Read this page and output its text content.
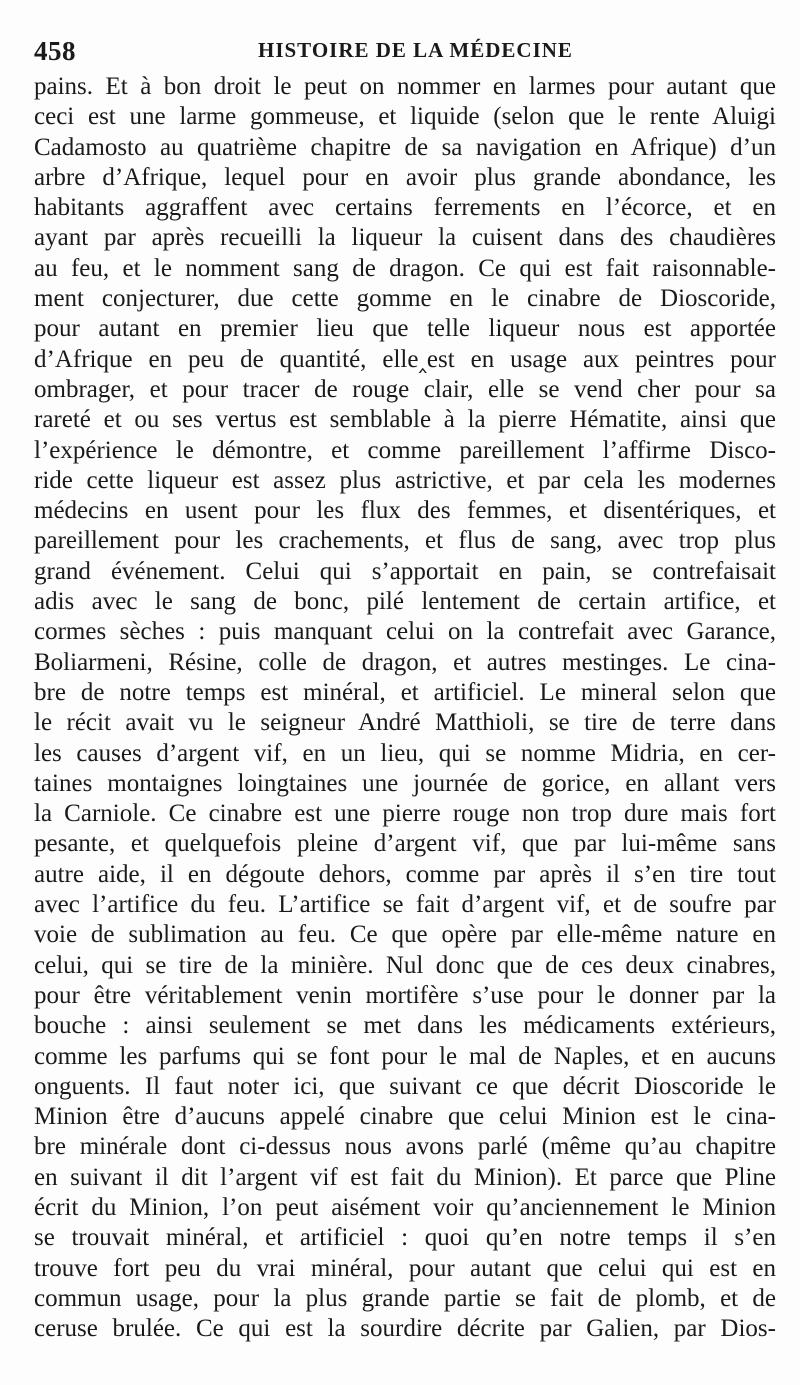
458	HISTOIRE DE LA MÉDECINE
pains. Et à bon droit le peut on nommer en larmes pour autant que
ceci est une larme gommeuse, et liquide (selon que le rente Aluigi
Cadamosto au quatrième chapitre de sa navigation en Afrique) d’un
arbre d’Afrique, lequel pour en avoir plus grande abondance, les
habitants aggraffent avec certains ferrements en l’écorce, et en
ayant par après recueilli la liqueur la cuisent dans des chaudières
au feu, et le nomment sang de dragon. Ce qui est fait raisonnable-
ment conjecturer, due cette gomme en le cinabre de Dioscoride,
pour autant en premier lieu que telle liqueur nous est apportée
d’Afrique en peu de quantité, elle‸est en usage aux peintres pour
ombrager, et pour tracer de rouge clair, elle se vend cher pour sa
rareté et ou ses vertus est semblable à la pierre Hématite, ainsi que
l’expérience le démontre, et comme pareillement l’affirme Disco-
ride cette liqueur est assez plus astrictive, et par cela les modernes
médecins en usent pour les flux des femmes, et disentériques, et
pareillement pour les crachements, et flus de sang, avec trop plus
grand événement. Celui qui s’apportait en pain, se contrefaisait
adis avec le sang de bonc, pilé lentement de certain artifice, et
cormes sèches : puis manquant celui on la contrefait avec Garance,
Boliarmeni, Résine, colle de dragon, et autres mestinges. Le cina-
bre de notre temps est minéral, et artificiel. Le mineral selon que
le récit avait vu le seigneur André Matthioli, se tire de terre dans
les causes d’argent vif, en un lieu, qui se nomme Midria, en cer-
taines montaignes loingtaines une journée de gorice, en allant vers
la Carniole. Ce cinabre est une pierre rouge non trop dure mais fort
pesante, et quelquefois pleine d’argent vif, que par lui-même sans
autre aide, il en dégoute dehors, comme par après il s’en tire tout
avec l’artifice du feu. L’artifice se fait d’argent vif, et de soufre par
voie de sublimation au feu. Ce que opère par elle-même nature en
celui, qui se tire de la minière. Nul donc que de ces deux cinabres,
pour être véritablement venin mortifère s’use pour le donner par la
bouche : ainsi seulement se met dans les médicaments extérieurs,
comme les parfums qui se font pour le mal de Naples, et en aucuns
onguents. Il faut noter ici, que suivant ce que décrit Dioscoride le
Minion être d’aucuns appelé cinabre que celui Minion est le cina-
bre minérale dont ci-dessus nous avons parlé (même qu’au chapitre
en suivant il dit l’argent vif est fait du Minion). Et parce que Pline
écrit du Minion, l’on peut aisément voir qu’anciennement le Minion
se trouvait minéral, et artificiel : quoi qu’en notre temps il s’en
trouve fort peu du vrai minéral, pour autant que celui qui est en
commun usage, pour la plus grande partie se fait de plomb, et de
ceruse brulée. Ce qui est la sourdire décrite par Galien, par Dios-
